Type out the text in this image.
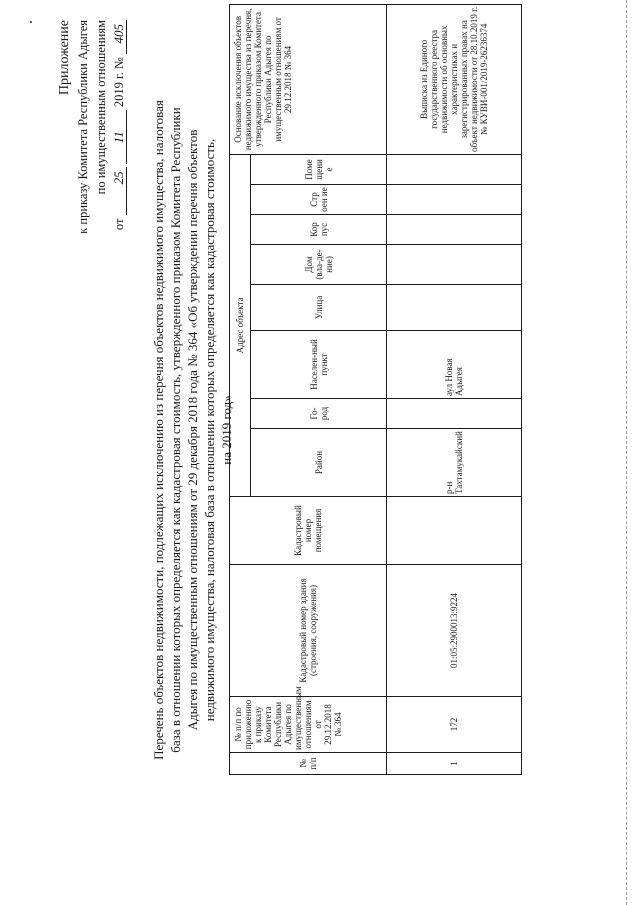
Приложение к приказу Комитета Республики Адыгея по имущественным отношениям
от 25 11 2019 г. № 405
Перечень объектов недвижимости, подлежащих исключению из перечня объектов недвижимого имущества, налоговая база в отношении которых определяется как кадастровая стоимость, утвержденного приказом Комитета Республики Адыгея по имущественным отношениям от 29 декабря 2018 года № 364 «Об утверждении перечня объектов недвижимого имущества, налоговая база в отношении которых определяется как кадастровая стоимость, на 2019 год»
№ п/п	№ п/п по приложению к приказу Комитета Республики Адыгея по имущественным отношениям от 29.12.2018 № 364	Кадастровый номер здания (строения, сооружения)	Кадастровый номер помещения	Адрес объекта								Основание исключения объектов недвижимого имущества из перечня, утвержденного приказом Комитета Республики Адыгея по имущественным отношениям от 29.12.2018 № 364
				Район	Го-род	Населен-ный пункт	Улица	Дом (вла-де-ние)	Кор пус	Стр оен ие	Поме щени е	
1	172	01:05:2900013:9224		р-н Тахтамукайский		аул Новая Адыгея						Выписка из Единого государственного реестра недвижимости об основных характеристиках и зарегистрированных правах на объект недвижимости от 28.10.2019 г. № КУВИ-001/2019-26236374
